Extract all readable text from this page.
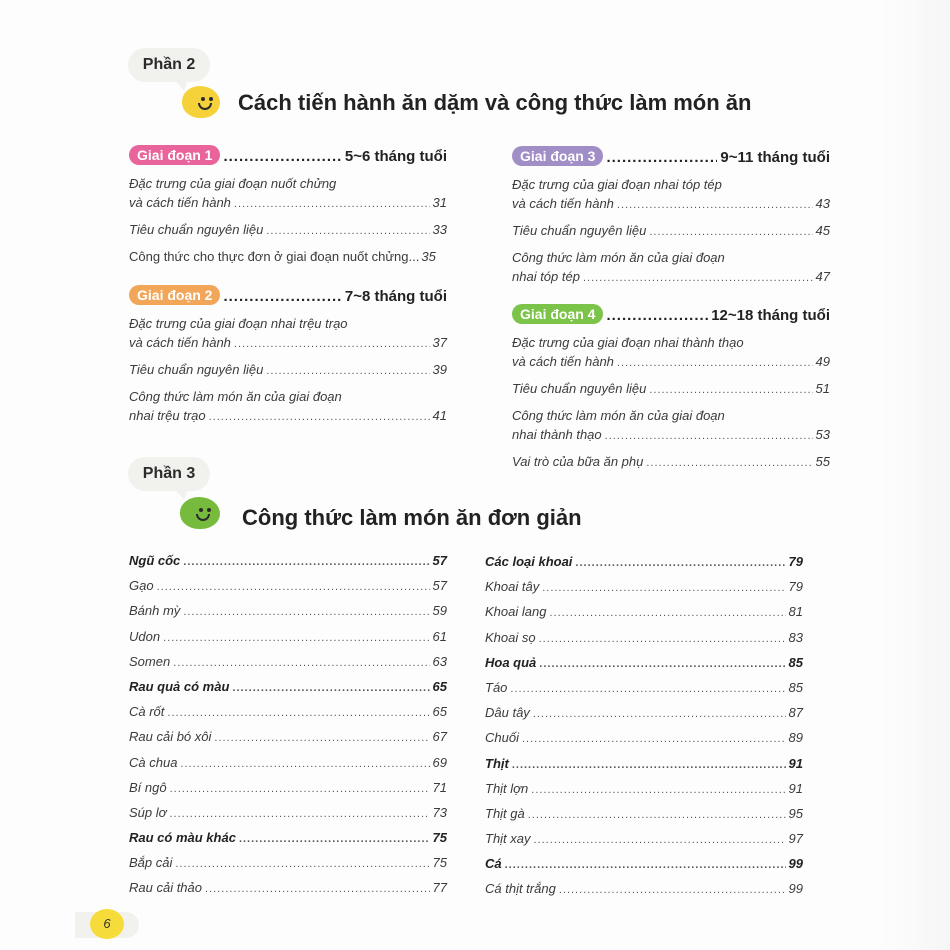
Phần 2
Cách tiến hành ăn dặm và công thức làm món ăn
Giai đoạn 1 .....	5~6 tháng tuổi
Đặc trưng của giai đoạn nuốt chửng
và cách tiến hành .....	31
Tiêu chuẩn nguyên liệu .....	33
Công thức cho thực đơn ở giai đoạn nuốt chửng... 35
Giai đoạn 2 .....	7~8 tháng tuổi
Đặc trưng của giai đoạn nhai trệu trạo
và cách tiến hành .....	37
Tiêu chuẩn nguyên liệu .....	39
Công thức làm món ăn của giai đoạn
nhai trệu trạo .....	41
Giai đoạn 3 .....	9~11 tháng tuổi
Đặc trưng của giai đoạn nhai tóp tép
và cách tiến hành .....	43
Tiêu chuẩn nguyên liệu .....	45
Công thức làm món ăn của giai đoạn
nhai tóp tép .....	47
Giai đoạn 4 .....	12~18 tháng tuổi
Đặc trưng của giai đoạn nhai thành thạo
và cách tiến hành .....	49
Tiêu chuẩn nguyên liệu .....	51
Công thức làm món ăn của giai đoạn
nhai thành thạo .....	53
Vai trò của bữa ăn phụ .....	55
Phần 3
Công thức làm món ăn đơn giản
Ngũ cốc .....	57
Gạo .....	57
Bánh mỳ .....	59
Udon .....	61
Somen .....	63
Rau quả có màu .....	65
Cà rốt .....	65
Rau cải bó xôi .....	67
Cà chua .....	69
Bí ngô .....	71
Súp lơ .....	73
Rau có màu khác .....	75
Bắp cải .....	75
Rau cải thảo .....	77
Các loại khoai .....	79
Khoai tây .....	79
Khoai lang .....	81
Khoai sọ .....	83
Hoa quả .....	85
Táo .....	85
Dâu tây .....	87
Chuối .....	89
Thịt .....	91
Thịt lợn .....	91
Thịt gà .....	95
Thịt xay .....	97
Cá .....	99
Cá thịt trắng .....	99
6
